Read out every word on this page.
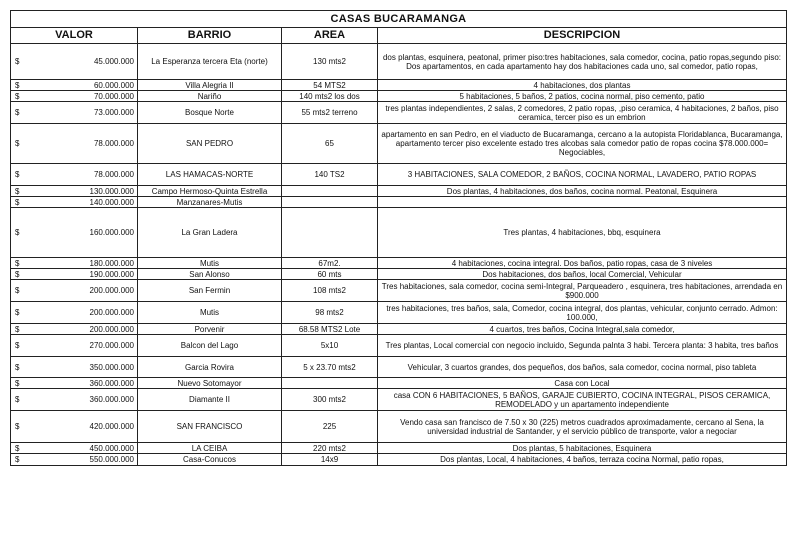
CASAS BUCARAMANGA				
VALOR		BARRIO	AREA	DESCRIPCION
$	45.000.000	La Esperanza tercera Eta (norte)	130 mts2	dos plantas, esquinera, peatonal, primer piso:tres habitaciones, sala comedor, cocina, patio ropas,segundo piso: Dos apartamentos, en cada apartamento hay dos habitaciones cada uno, sal comedor, patio ropas,
$	60.000.000	Villa Alegria II	54 MTS2	4 habitaciones, dos plantas
$	70.000.000	Nariño	140 mts2 los dos	5 habitaciones, 5 baños, 2 patios, cocina normal, piso cemento, patio
$	73.000.000	Bosque Norte	55 mts2 terreno	tres plantas independientes, 2 salas, 2 comedores, 2 patio ropas, ,piso ceramica, 4 habitaciones, 2 baños, piso ceramica, tercer piso es un embrion
$	78.000.000	SAN PEDRO	65	apartamento en san Pedro, en el viaducto de Bucaramanga, cercano a la autopista Floridablanca, Bucaramanga, apartamento tercer piso excelente estado tres alcobas sala comedor patio de ropas cocina $78.000.000= Negociables,
$	78.000.000	LAS HAMACAS-NORTE	140 TS2	3 HABITACIONES, SALA COMEDOR, 2 BAÑOS, COCINA NORMAL, LAVADERO, PATIO ROPAS
$	130.000.000	Campo Hermoso-Quinta Estrella		Dos plantas, 4 habitaciones, dos baños, cocina normal. Peatonal, Esquinera
$	140.000.000	Manzanares-Mutis		
$	160.000.000	La Gran Ladera		Tres plantas, 4 habitaciones, bbq, esquinera
$	180.000.000	Mutis	67m2.	4 habitaciones, cocina integral. Dos baños, patio ropas, casa de 3 niveles
$	190.000.000	San Alonso	60 mts	Dos habitaciones, dos baños, local Comercial, Vehicular
$	200.000.000	San Fermin	108 mts2	Tres habitaciones, sala comedor, cocina semi-Integral, Parqueadero , esquinera, tres habitaciones, arrendada en $900.000
$	200.000.000	Mutis	98 mts2	tres habitaciones, tres baños, sala, Comedor, cocina integral, dos plantas, vehicular, conjunto cerrado. Admon: 100.000,
$	200.000.000	Porvenir	68.58 MTS2 Lote	4 cuartos, tres baños, Cocina Integral,sala comedor,
$	270.000.000	Balcon del Lago	5x10	Tres plantas, Local comercial con negocio incluido, Segunda palnta 3 habi. Tercera planta: 3 habita, tres baños
$	350.000.000	Garcia Rovira	5 x 23.70 mts2	Vehicular, 3 cuartos grandes, dos pequeños, dos baños, sala comedor, cocina normal, piso tableta
$	360.000.000	Nuevo Sotomayor		Casa con Local
$	360.000.000	Diamante II	300 mts2	casa CON 6 HABITACIONES, 5 BAÑOS, GARAJE CUBIERTO, COCINA INTEGRAL, PISOS CERAMICA, REMODELADO y un apartamento independiente
$	420.000.000	SAN FRANCISCO	225	Vendo casa san francisco de 7.50 x 30 (225) metros cuadrados aproximadamente, cercano al Sena, la universidad industrial de Santander, y el servicio público de transporte, valor a negociar
$	450.000.000	LA CEIBA	220 mts2	Dos plantas, 5 habitaciones, Esquinera
$	550.000.000	Casa-Conucos	14x9	Dos plantas, Local, 4 habitaciones, 4 baños, terraza cocina Normal, patio ropas,
